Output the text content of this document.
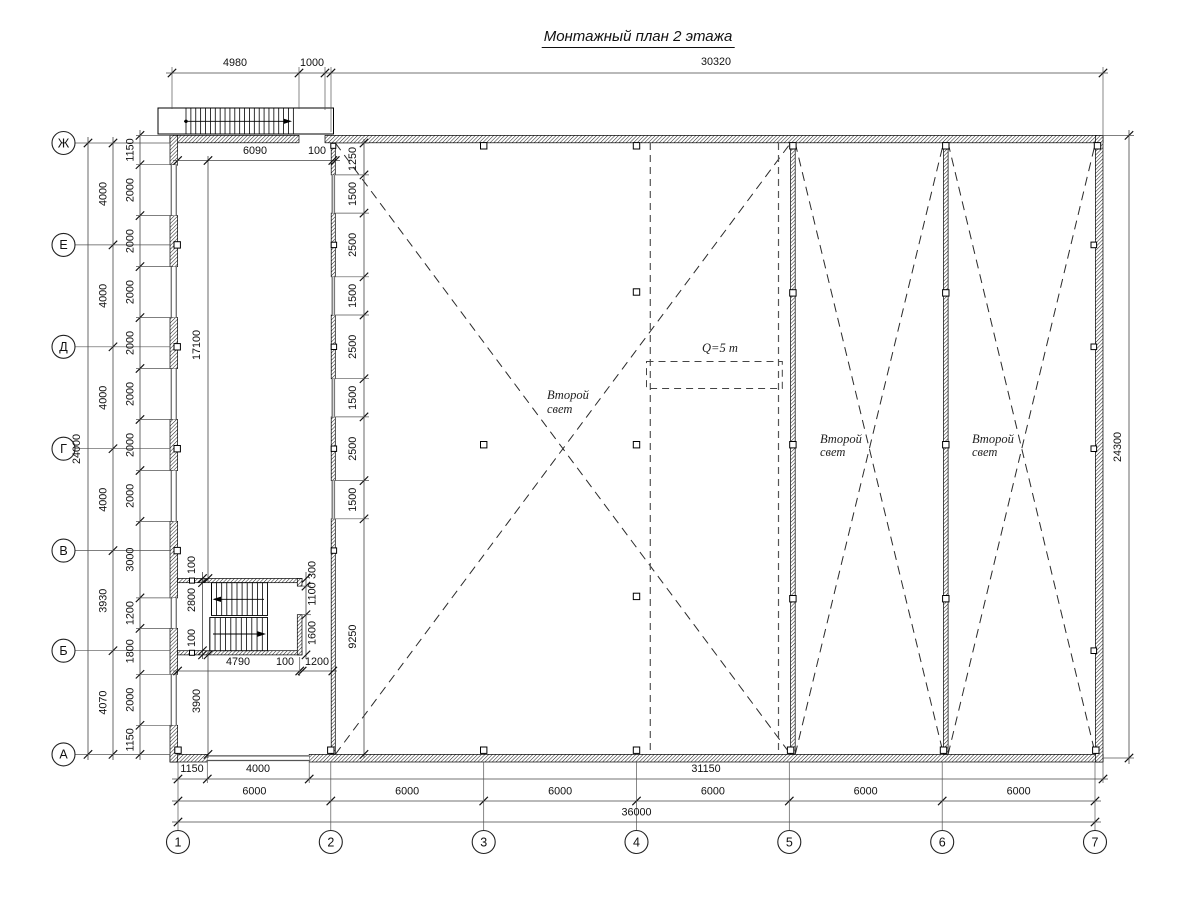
Монтажный план 2 этажа
Ж
Е
Д
Г
В
Б
А
1	2	3	4	5	6	7
4980	1000	30320
24300
24000
4000
4000
4000
4000
3930
4070
1150
2000
2000
2000
2000
2000
2000
2000
3000
1200
1800
2000
1150
1250
1500
2500
1500
2500
1500
2500
1500
9250
6090	100
17100
3900
100
2800
100
4790 100 1200
300
1100
1600
1150	4000	31150
6000	6000	6000	6000	6000	6000
36000
Второй
свет
Второй
свет
Второй
свет
Q=5 т
